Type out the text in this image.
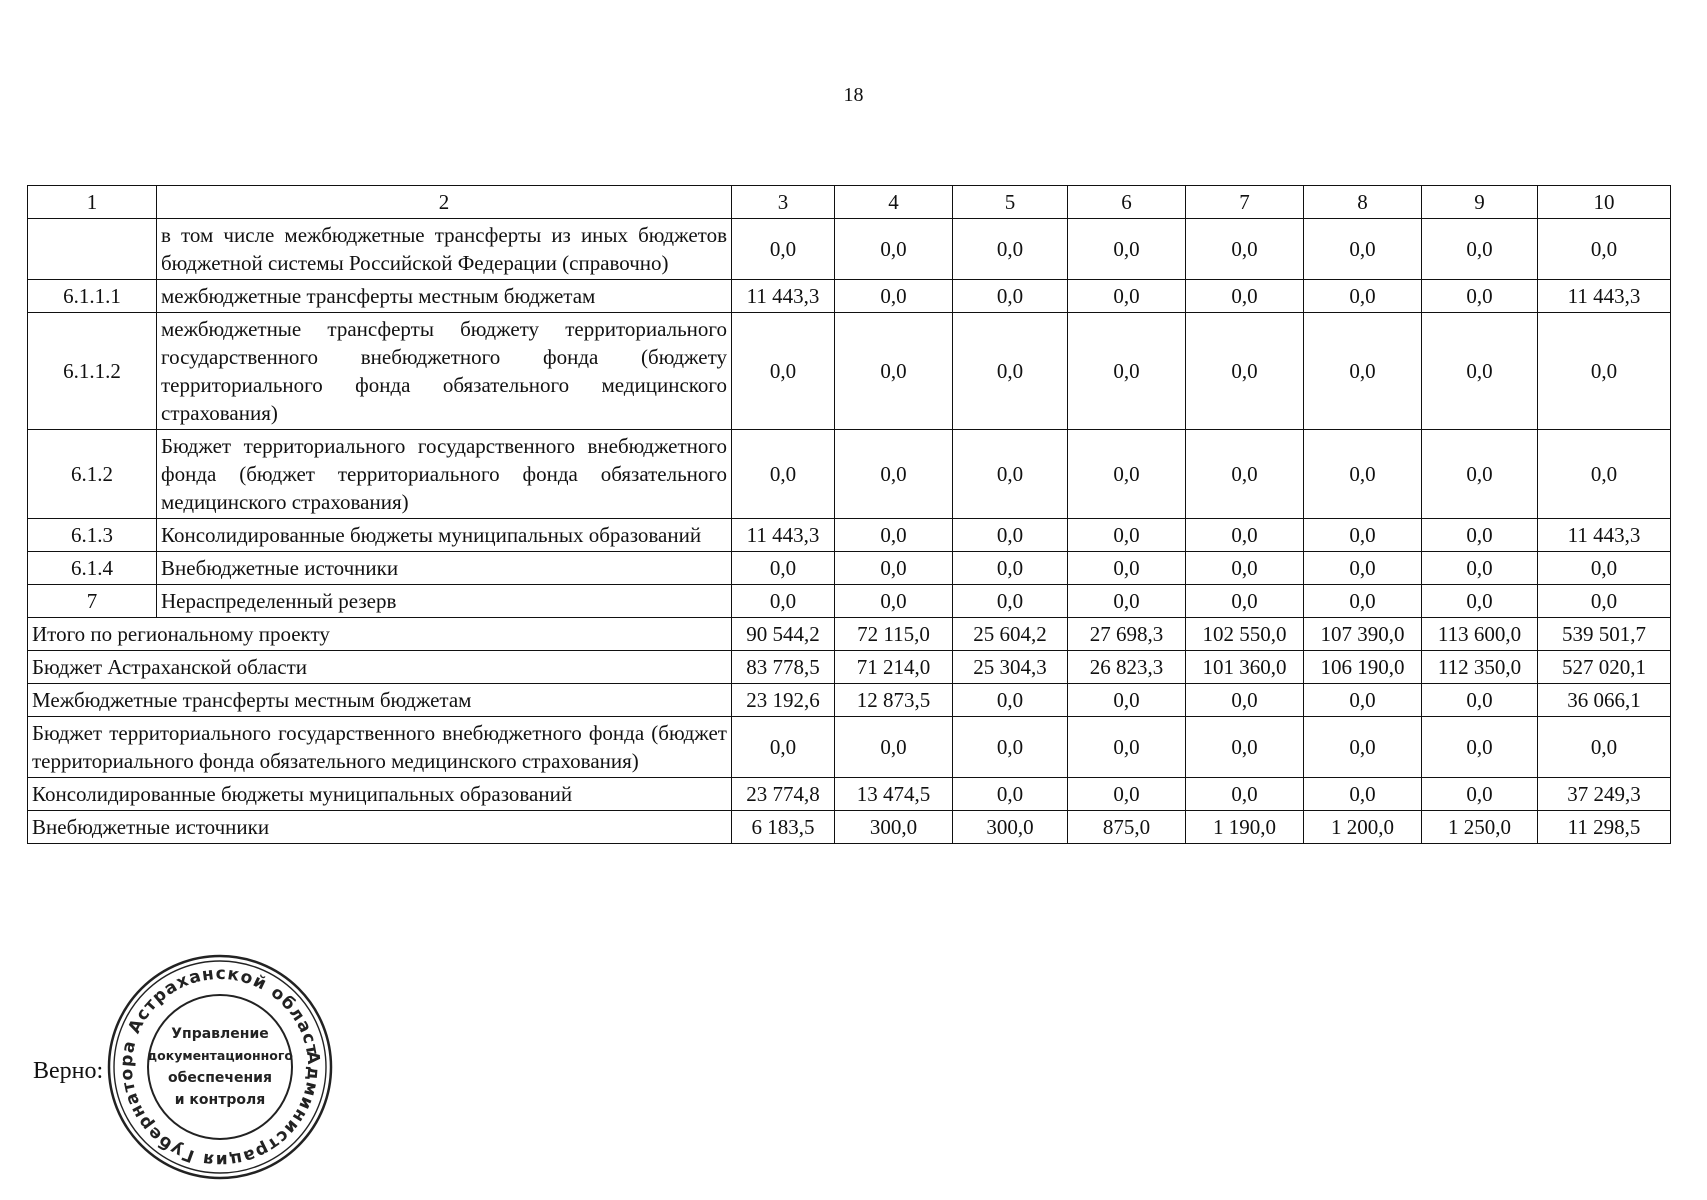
18
1	2	3	4	5	6	7	8	9	10
	в том числе межбюджетные трансферты из иных бюджетов бюджетной системы Российской Федерации (справочно)	0,0	0,0	0,0	0,0	0,0	0,0	0,0	0,0
6.1.1.1	межбюджетные трансферты местным бюджетам	11 443,3	0,0	0,0	0,0	0,0	0,0	0,0	11 443,3
6.1.1.2	межбюджетные трансферты бюджету территориального государственного внебюджетного фонда (бюджету территориального фонда обязательного медицинского страхования)	0,0	0,0	0,0	0,0	0,0	0,0	0,0	0,0
6.1.2	Бюджет территориального государственного внебюджетного фонда (бюджет территориального фонда обязательного медицинского страхования)	0,0	0,0	0,0	0,0	0,0	0,0	0,0	0,0
6.1.3	Консолидированные бюджеты муниципальных образований	11 443,3	0,0	0,0	0,0	0,0	0,0	0,0	11 443,3
6.1.4	Внебюджетные источники	0,0	0,0	0,0	0,0	0,0	0,0	0,0	0,0
7	Нераспределенный резерв	0,0	0,0	0,0	0,0	0,0	0,0	0,0	0,0
Итого по региональному проекту		90 544,2	72 115,0	25 604,2	27 698,3	102 550,0	107 390,0	113 600,0	539 501,7
Бюджет Астраханской области		83 778,5	71 214,0	25 304,3	26 823,3	101 360,0	106 190,0	112 350,0	527 020,1
Межбюджетные трансферты местным бюджетам		23 192,6	12 873,5	0,0	0,0	0,0	0,0	0,0	36 066,1
Бюджет территориального государственного внебюджетного фонда (бюджет территориального фонда обязательного медицинского страхования)		0,0	0,0	0,0	0,0	0,0	0,0	0,0	0,0
Консолидированные бюджеты муниципальных образований		23 774,8	13 474,5	0,0	0,0	0,0	0,0	0,0	37 249,3
Внебюджетные источники		6 183,5	300,0	300,0	875,0	1 190,0	1 200,0	1 250,0	11 298,5
Верно:	Администрация Губернатора Астраханской области
Управление
документационного
обеспечения
и контроля
